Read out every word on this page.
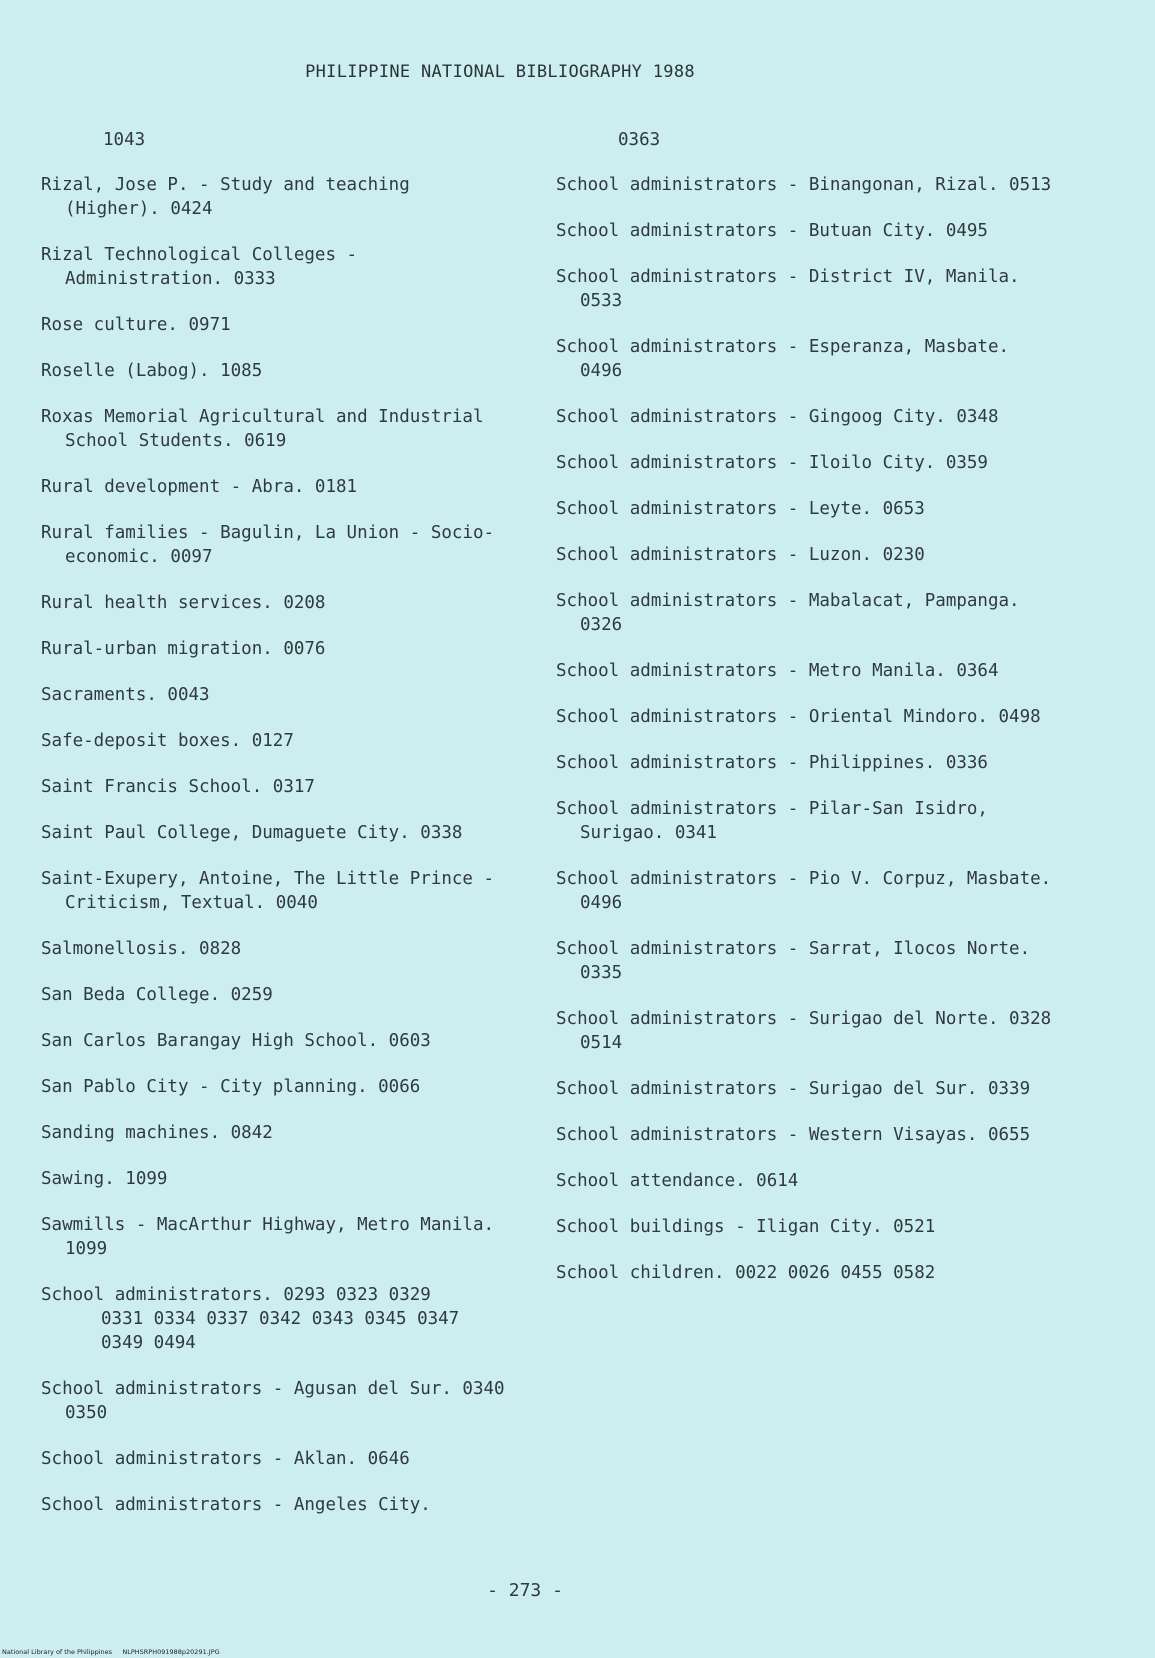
PHILIPPINE NATIONAL BIBLIOGRAPHY 1988
1043
Rizal, Jose P. - Study and teaching (Higher). 0424
Rizal Technological Colleges - Administration. 0333
Rose culture. 0971
Roselle (Labog). 1085
Roxas Memorial Agricultural and Industrial School Students. 0619
Rural development - Abra. 0181
Rural families - Bagulin, La Union - Socio-economic. 0097
Rural health services. 0208
Rural-urban migration. 0076
Sacraments. 0043
Safe-deposit boxes. 0127
Saint Francis School. 0317
Saint Paul College, Dumaguete City. 0338
Saint-Exupery, Antoine, The Little Prince - Criticism, Textual. 0040
Salmonellosis. 0828
San Beda College. 0259
San Carlos Barangay High School. 0603
San Pablo City - City planning. 0066
Sanding machines. 0842
Sawing. 1099
Sawmills - MacArthur Highway, Metro Manila. 1099
School administrators. 0293 0323 0329
0331 0334 0337 0342 0343 0345 0347
0349 0494
School administrators - Agusan del Sur. 0340 0350
School administrators - Aklan. 0646
School administrators - Angeles City.
0363
School administrators - Binangonan, Rizal. 0513
School administrators - Butuan City. 0495
School administrators - District IV, Manila. 0533
School administrators - Esperanza, Masbate. 0496
School administrators - Gingoog City. 0348
School administrators - Iloilo City. 0359
School administrators - Leyte. 0653
School administrators - Luzon. 0230
School administrators - Mabalacat, Pampanga. 0326
School administrators - Metro Manila. 0364
School administrators - Oriental Mindoro. 0498
School administrators - Philippines. 0336
School administrators - Pilar-San Isidro, Surigao. 0341
School administrators - Pio V. Corpuz, Masbate. 0496
School administrators - Sarrat, Ilocos Norte. 0335
School administrators - Surigao del Norte. 0328 0514
School administrators - Surigao del Sur. 0339
School administrators - Western Visayas. 0655
School attendance. 0614
School buildings - Iligan City. 0521
School children. 0022 0026 0455 0582
- 273 -
National Library of the Philippines     NLPHSRPH091988p20291.JPG
